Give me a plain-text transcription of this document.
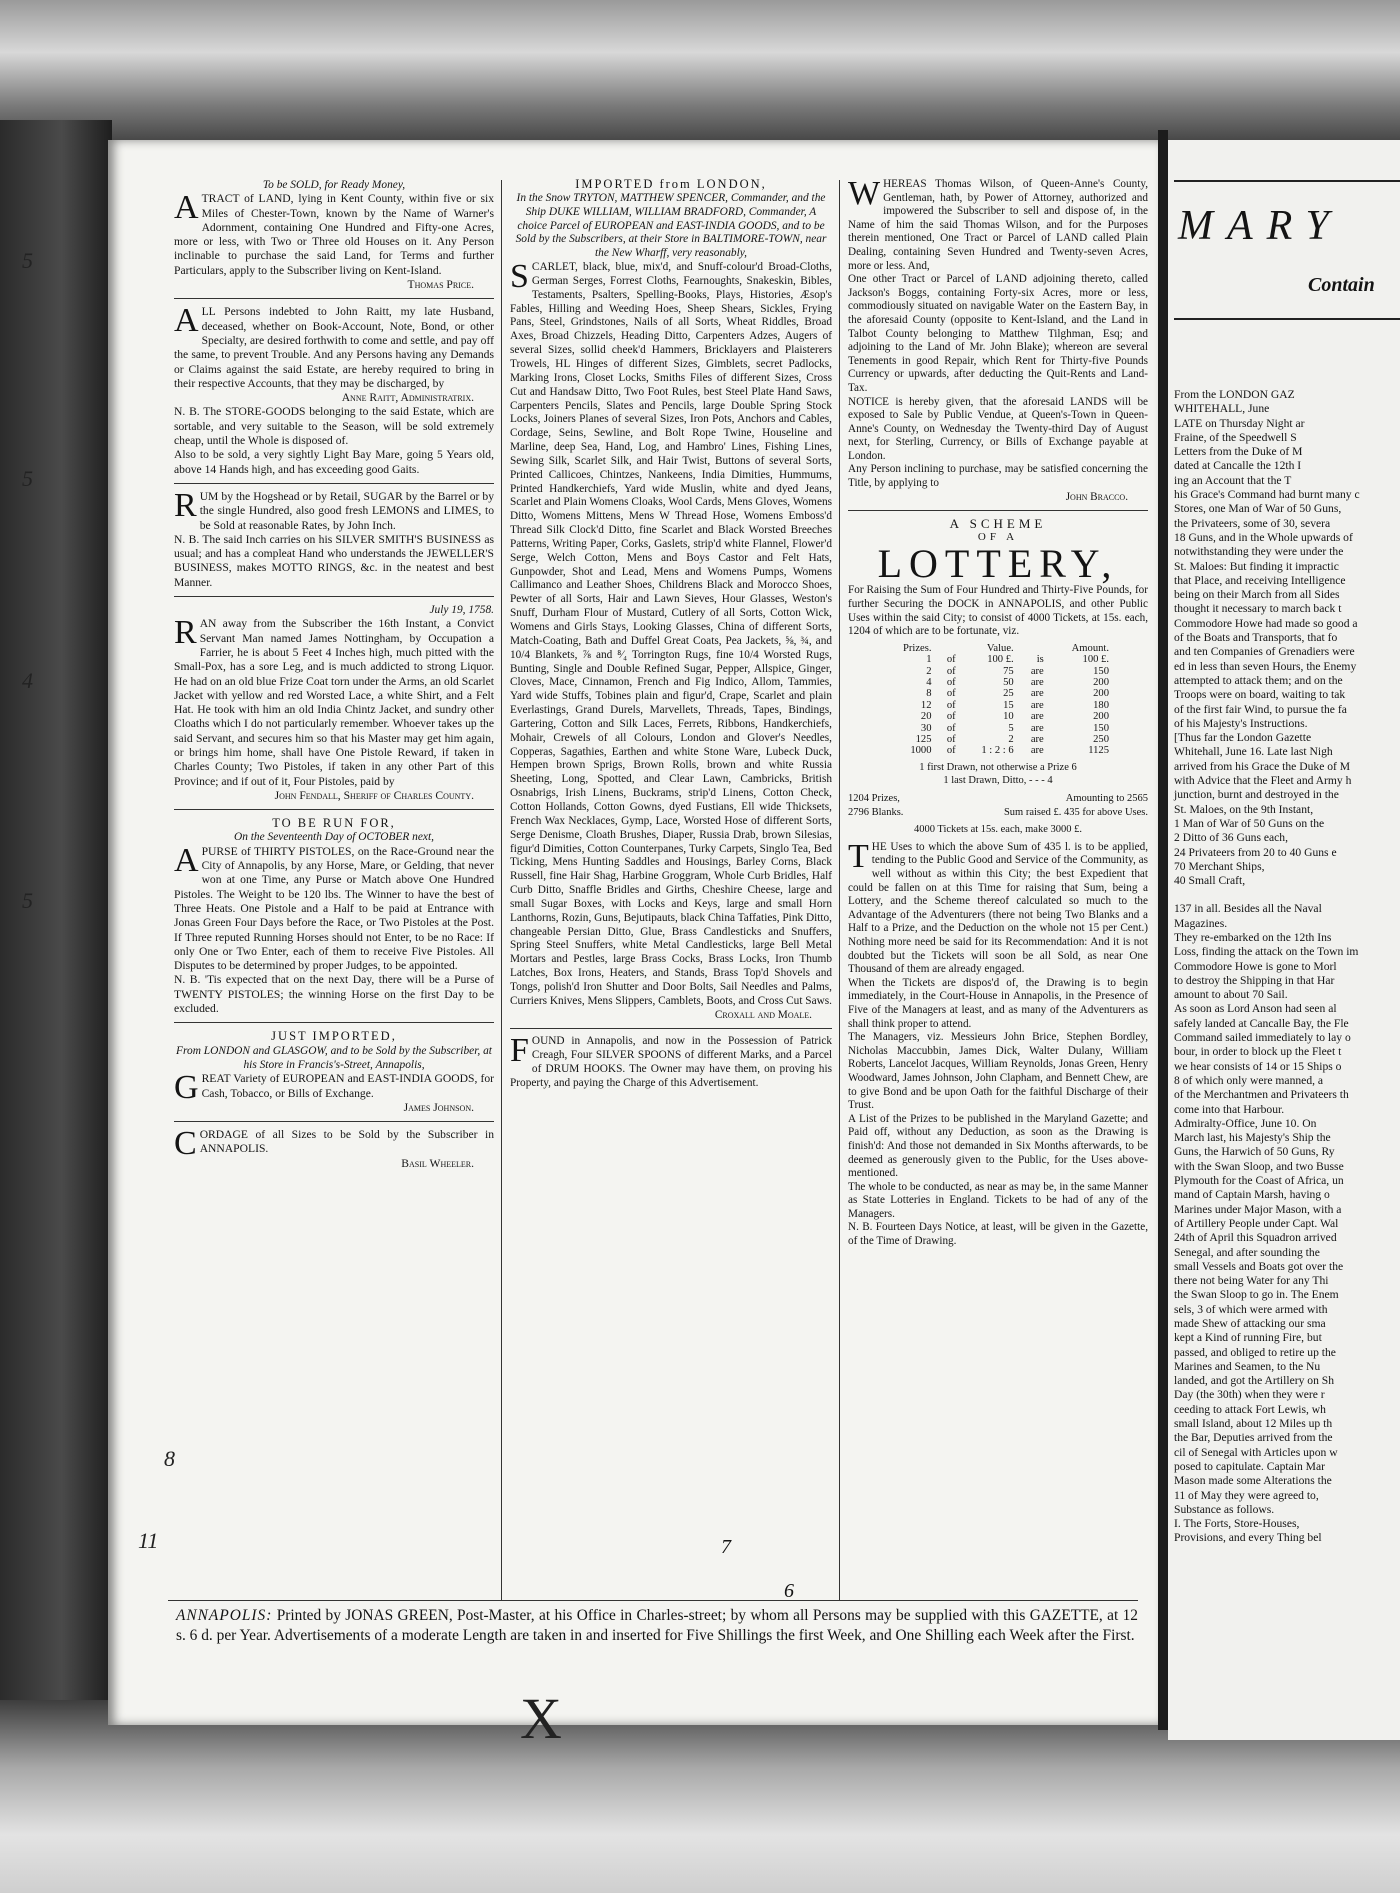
To be SOLD, for Ready Money,

ATRACT of LAND, lying in Kent County, within five or six Miles of Chester-Town, known by the Name of Warner's Adornment, containing One Hundred and Fifty-one Acres, more or less, with Two or Three old Houses on it. Any Person inclinable to purchase the said Land, for Terms and further Particulars, apply to the Subscriber living on Kent-Island.

Thomas Price.

ALL Persons indebted to John Raitt, my late Husband, deceased, whether on Book-Account, Note, Bond, or other Specialty, are desired forthwith to come and settle, and pay off the same, to prevent Trouble. And any Persons having any Demands or Claims against the said Estate, are hereby required to bring in their respective Accounts, that they may be discharged, by

Anne Raitt, Administratrix.

N. B. The STORE-GOODS belonging to the said Estate, which are sortable, and very suitable to the Season, will be sold extremely cheap, until the Whole is disposed of.

Also to be sold, a very sightly Light Bay Mare, going 5 Years old, above 14 Hands high, and has exceeding good Gaits.

RUM by the Hogshead or by Retail, SUGAR by the Barrel or by the single Hundred, also good fresh LEMONS and LIMES, to be Sold at reasonable Rates, by John Inch.

N. B. The said Inch carries on his SILVER SMITH'S BUSINESS as usual; and has a compleat Hand who understands the JEWELLER'S BUSINESS, makes MOTTO RINGS, &c. in the neatest and best Manner.

July 19, 1758.

RAN away from the Subscriber the 16th Instant, a Convict Servant Man named James Nottingham, by Occupation a Farrier, he is about 5 Feet 4 Inches high, much pitted with the Small-Pox, has a sore Leg, and is much addicted to strong Liquor. He had on an old blue Frize Coat torn under the Arms, an old Scarlet Jacket with yellow and red Worsted Lace, a white Shirt, and a Felt Hat. He took with him an old India Chintz Jacket, and sundry other Cloaths which I do not particularly remember. Whoever takes up the said Servant, and secures him so that his Master may get him again, or brings him home, shall have One Pistole Reward, if taken in Charles County; Two Pistoles, if taken in any other Part of this Province; and if out of it, Four Pistoles, paid by

John Fendall, Sheriff of Charles County.

TO BE RUN FOR,

On the Seventeenth Day of OCTOBER next,

APURSE of THIRTY PISTOLES, on the Race-Ground near the City of Annapolis, by any Horse, Mare, or Gelding, that never won at one Time, any Purse or Match above One Hundred Pistoles. The Weight to be 120 lbs. The Winner to have the best of Three Heats. One Pistole and a Half to be paid at Entrance with Jonas Green Four Days before the Race, or Two Pistoles at the Post. If Three reputed Running Horses should not Enter, to be no Race: If only One or Two Enter, each of them to receive Five Pistoles. All Disputes to be determined by proper Judges, to be appointed.

N. B. 'Tis expected that on the next Day, there will be a Purse of TWENTY PISTOLES; the winning Horse on the first Day to be excluded.

JUST IMPORTED,

From LONDON and GLASGOW, and to be Sold by the Subscriber, at his Store in Francis's-Street, Annapolis,

GREAT Variety of EUROPEAN and EAST-INDIA GOODS, for Cash, Tobacco, or Bills of Exchange.

James Johnson.

CORDAGE of all Sizes to be Sold by the Subscriber in ANNAPOLIS.

Basil Wheeler.

IMPORTED from LONDON,

In the Snow TRYTON, MATTHEW SPENCER, Commander, and the Ship DUKE WILLIAM, WILLIAM BRADFORD, Commander, A choice Parcel of EUROPEAN and EAST-INDIA GOODS, and to be Sold by the Subscribers, at their Store in BALTIMORE-TOWN, near the New Wharff, very reasonably,

SCARLET, black, blue, mix'd, and Snuff-colour'd Broad-Cloths, German Serges, Forrest Cloths, Fearnoughts, Snakeskin, Bibles, Testaments, Psalters, Spelling-Books, Plays, Histories, Æsop's Fables, Hilling and Weeding Hoes, Sheep Shears, Sickles, Frying Pans, Steel, Grindstones, Nails of all Sorts, Wheat Riddles, Broad Axes, Broad Chizzels, Heading Ditto, Carpenters Adzes, Augers of several Sizes, sollid cheek'd Hammers, Bricklayers and Plaisterers Trowels, HL Hinges of different Sizes, Gimblets, secret Padlocks, Marking Irons, Closet Locks, Smiths Files of different Sizes, Cross Cut and Handsaw Ditto, Two Foot Rules, best Steel Plate Hand Saws, Carpenters Pencils, Slates and Pencils, large Double Spring Stock Locks, Joiners Planes of several Sizes, Iron Pots, Anchors and Cables, Cordage, Seins, Sewline, and Bolt Rope Twine, Houseline and Marline, deep Sea, Hand, Log, and Hambro' Lines, Fishing Lines, Sewing Silk, Scarlet Silk, and Hair Twist, Buttons of several Sorts, Printed Callicoes, Chintzes, Nankeens, India Dimities, Hummums, Printed Handkerchiefs, Yard wide Muslin, white and dyed Jeans, Scarlet and Plain Womens Cloaks, Wool Cards, Mens Gloves, Womens Ditto, Womens Mittens, Mens W Thread Hose, Womens Emboss'd Thread Silk Clock'd Ditto, fine Scarlet and Black Worsted Breeches Patterns, Writing Paper, Corks, Gaslets, strip'd white Flannel, Flower'd Serge, Welch Cotton, Mens and Boys Castor and Felt Hats, Gunpowder, Shot and Lead, Mens and Womens Pumps, Womens Callimanco and Leather Shoes, Childrens Black and Morocco Shoes, Pewter of all Sorts, Hair and Lawn Sieves, Hour Glasses, Weston's Snuff, Durham Flour of Mustard, Cutlery of all Sorts, Cotton Wick, Womens and Girls Stays, Looking Glasses, China of different Sorts, Match-Coating, Bath and Duffel Great Coats, Pea Jackets, ⅝, ¾, and 10/4 Blankets, ⅞ and ⁸⁄₄ Torrington Rugs, fine 10/4 Worsted Rugs, Bunting, Single and Double Refined Sugar, Pepper, Allspice, Ginger, Cloves, Mace, Cinnamon, French and Fig Indico, Allom, Tammies, Yard wide Stuffs, Tobines plain and figur'd, Crape, Scarlet and plain Everlastings, Grand Durels, Marvellets, Threads, Tapes, Bindings, Gartering, Cotton and Silk Laces, Ferrets, Ribbons, Handkerchiefs, Mohair, Crewels of all Colours, London and Glover's Needles, Copperas, Sagathies, Earthen and white Stone Ware, Lubeck Duck, Hempen brown Sprigs, Brown Rolls, brown and white Russia Sheeting, Long, Spotted, and Clear Lawn, Cambricks, British Osnabrigs, Irish Linens, Buckrams, strip'd Linens, Cotton Check, Cotton Hollands, Cotton Gowns, dyed Fustians, Ell wide Thicksets, French Wax Necklaces, Gymp, Lace, Worsted Hose of different Sorts, Serge Denisme, Cloath Brushes, Diaper, Russia Drab, brown Silesias, figur'd Dimities, Cotton Counterpanes, Turky Carpets, Singlo Tea, Bed Ticking, Mens Hunting Saddles and Housings, Barley Corns, Black Russell, fine Hair Shag, Harbine Groggram, Whole Curb Bridles, Half Curb Ditto, Snaffle Bridles and Girths, Cheshire Cheese, large and small Sugar Boxes, with Locks and Keys, large and small Horn Lanthorns, Rozin, Guns, Bejutipauts, black China Taffaties, Pink Ditto, changeable Persian Ditto, Glue, Brass Candlesticks and Snuffers, Spring Steel Snuffers, white Metal Candlesticks, large Bell Metal Mortars and Pestles, large Brass Cocks, Brass Locks, Iron Thumb Latches, Box Irons, Heaters, and Stands, Brass Top'd Shovels and Tongs, polish'd Iron Shutter and Door Bolts, Sail Needles and Palms, Curriers Knives, Mens Slippers, Camblets, Boots, and Cross Cut Saws.

Croxall and Moale.

FOUND in Annapolis, and now in the Possession of Patrick Creagh, Four SILVER SPOONS of different Marks, and a Parcel of DRUM HOOKS. The Owner may have them, on proving his Property, and paying the Charge of this Advertisement.

WHEREAS Thomas Wilson, of Queen-Anne's County, Gentleman, hath, by Power of Attorney, authorized and impowered the Subscriber to sell and dispose of, in the Name of him the said Thomas Wilson, and for the Purposes therein mentioned, One Tract or Parcel of LAND called Plain Dealing, containing Seven Hundred and Twenty-seven Acres, more or less. And,

One other Tract or Parcel of LAND adjoining thereto, called Jackson's Boggs, containing Forty-six Acres, more or less, commodiously situated on navigable Water on the Eastern Bay, in the aforesaid County (opposite to Kent-Island, and the Land in Talbot County belonging to Matthew Tilghman, Esq; and adjoining to the Land of Mr. John Blake); whereon are several Tenements in good Repair, which Rent for Thirty-five Pounds Currency or upwards, after deducting the Quit-Rents and Land-Tax.

NOTICE is hereby given, that the aforesaid LANDS will be exposed to Sale by Public Vendue, at Queen's-Town in Queen-Anne's County, on Wednesday the Twenty-third Day of August next, for Sterling, Currency, or Bills of Exchange payable at London.

Any Person inclining to purchase, may be satisfied concerning the Title, by applying to

John Bracco.

A SCHEME

OF A

LOTTERY,

For Raising the Sum of Four Hundred and Thirty-Five Pounds, for further Securing the DOCK in ANNAPOLIS, and other Public Uses within the said City; to consist of 4000 Tickets, at 15s. each, 1204 of which are to be fortunate, viz.

Prizes.		Value.		Amount.
1	of	100 £.	is	100 £.
2	of	75	are	150
4	of	50	are	200
8	of	25	are	200
12	of	15	are	180
20	of	10	are	200
30	of	5	are	150
125	of	2	are	250
1000	of	1 : 2 : 6	are	1125

1 first Drawn, not otherwise a Prize 6

1 last Drawn, Ditto, - - - 4

1204 Prizes,
2796 Blanks.
Amounting to 2565
Sum raised £. 435 for above Uses.

4000 Tickets at 15s. each, make 3000 £.

THE Uses to which the above Sum of 435 l. is to be applied, tending to the Public Good and Service of the Community, as well without as within this City; the best Expedient that could be fallen on at this Time for raising that Sum, being a Lottery, and the Scheme thereof calculated so much to the Advantage of the Adventurers (there not being Two Blanks and a Half to a Prize, and the Deduction on the whole not 15 per Cent.) Nothing more need be said for its Recommendation: And it is not doubted but the Tickets will soon be all Sold, as near One Thousand of them are already engaged.

When the Tickets are dispos'd of, the Drawing is to begin immediately, in the Court-House in Annapolis, in the Presence of Five of the Managers at least, and as many of the Adventurers as shall think proper to attend.

The Managers, viz. Messieurs John Brice, Stephen Bordley, Nicholas Maccubbin, James Dick, Walter Dulany, William Roberts, Lancelot Jacques, William Reynolds, Jonas Green, Henry Woodward, James Johnson, John Clapham, and Bennett Chew, are to give Bond and be upon Oath for the faithful Discharge of their Trust.

A List of the Prizes to be published in the Maryland Gazette; and Paid off, without any Deduction, as soon as the Drawing is finish'd: And those not demanded in Six Months afterwards, to be deemed as generously given to the Public, for the Uses above-mentioned.

The whole to be conducted, as near as may be, in the same Manner as State Lotteries in England. Tickets to be had of any of the Managers.

N. B. Fourteen Days Notice, at least, will be given in the Gazette, of the Time of Drawing.

ANNAPOLIS: Printed by JONAS GREEN, Post-Master, at his Office in Charles-street; by whom all Persons may be supplied with this GAZETTE, at 12 s. 6 d. per Year. Advertisements of a moderate Length are taken in and inserted for Five Shillings the first Week, and One Shilling each Week after the First.
7
6
5
5
4
5
8
11
X
MARY
Contain

From the LONDON GAZ

WHITEHALL, June

LATE on Thursday Night ar

Fraine, of the Speedwell S

Letters from the Duke of M

dated at Cancalle the 12th I

ing an Account that the T

his Grace's Command had burnt many c

Stores, one Man of War of 50 Guns,

the Privateers, some of 30, severa

18 Guns, and in the Whole upwards of

notwithstanding they were under the

St. Maloes: But finding it impractic

that Place, and receiving Intelligence

being on their March from all Sides

thought it necessary to march back t

Commodore Howe had made so good a

of the Boats and Transports, that fo

and ten Companies of Grenadiers were

ed in less than seven Hours, the Enemy

attempted to attack them; and on the

Troops were on board, waiting to tak

of the first fair Wind, to pursue the fa

of his Majesty's Instructions.

[Thus far the London Gazette

Whitehall, June 16. Late last Nigh

arrived from his Grace the Duke of M

with Advice that the Fleet and Army h

junction, burnt and destroyed in the

St. Maloes, on the 9th Instant,

1 Man of War of 50 Guns on the

2 Ditto of 36 Guns each,

24 Privateers from 20 to 40 Guns e

70 Merchant Ships,

40 Small Craft,

137 in all. Besides all the Naval

Magazines.

They re-embarked on the 12th Ins

Loss, finding the attack on the Town im

Commodore Howe is gone to Morl

to destroy the Shipping in that Har

amount to about 70 Sail.

As soon as Lord Anson had seen al

safely landed at Cancalle Bay, the Fle

Command sailed immediately to lay o

bour, in order to block up the Fleet t

we hear consists of 14 or 15 Ships o

8 of which only were manned, a

of the Merchantmen and Privateers th

come into that Harbour.

Admiralty-Office, June 10. On

March last, his Majesty's Ship the

Guns, the Harwich of 50 Guns, Ry

with the Swan Sloop, and two Busse

Plymouth for the Coast of Africa, un

mand of Captain Marsh, having o

Marines under Major Mason, with a

of Artillery People under Capt. Wal

24th of April this Squadron arrived

Senegal, and after sounding the

small Vessels and Boats got over the

there not being Water for any Thi

the Swan Sloop to go in. The Enem

sels, 3 of which were armed with

made Shew of attacking our sma

kept a Kind of running Fire, but

passed, and obliged to retire up the

Marines and Seamen, to the Nu

landed, and got the Artillery on Sh

Day (the 30th) when they were r

ceeding to attack Fort Lewis, wh

small Island, about 12 Miles up th

the Bar, Deputies arrived from the

cil of Senegal with Articles upon w

posed to capitulate. Captain Mar

Mason made some Alterations the

11 of May they were agreed to,

Substance as follows.

I. The Forts, Store-Houses,

Provisions, and every Thing bel
